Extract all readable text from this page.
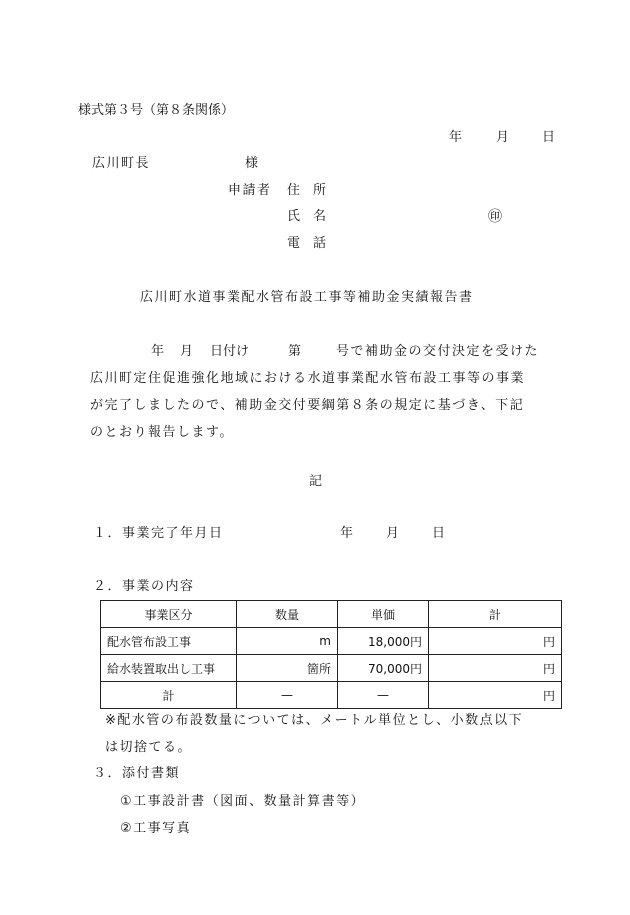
様式第３号（第８条関係）
年	月	日
広川町長	様
申請者 住　所
氏　名	㊞
電　話
広川町水道事業配水管布設工事等補助金実績報告書
年 月 日付け	第	号で補助金の交付決定を受けた
広川町定住促進強化地域における水道事業配水管布設工事等の事業
が完了しましたので、補助金交付要綱第８条の規定に基づき、下記
のとおり報告します。
記
１．事業完了年月日	年	月	日
２．事業の内容
事業区分	数量	単価	計
配水管布設工事	m	18,000円	円
給水装置取出し工事	箇所	70,000円	円
計	—	—	円
※配水管の布設数量については、メートル単位とし、小数点以下
は切捨てる。
３．添付書類
①工事設計書（図面、数量計算書等）
②工事写真
